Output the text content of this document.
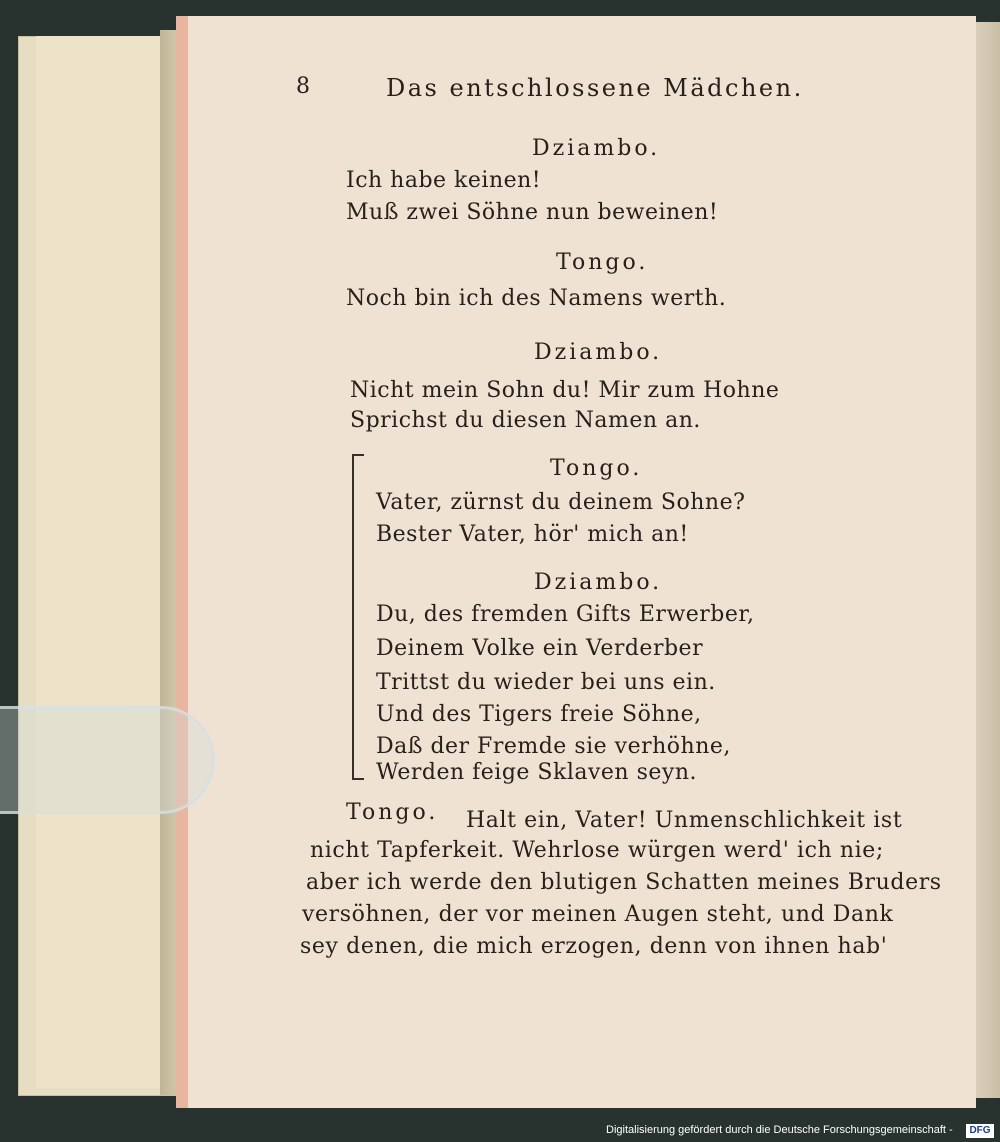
8	Das entschlossene Mädchen.
Dziambo.
Ich habe keinen!
Muß zwei Söhne nun beweinen!
Tongo.
Noch bin ich des Namens werth.
Dziambo.
Nicht mein Sohn du! Mir zum Hohne
Sprichst du diesen Namen an.
Tongo.
Vater, zürnst du deinem Sohne?
Bester Vater, hör' mich an!
Dziambo.
Du, des fremden Gifts Erwerber,
Deinem Volke ein Verderber
Trittst du wieder bei uns ein.
Und des Tigers freie Söhne,
Daß der Fremde sie verhöhne,
Werden feige Sklaven seyn.
Tongo. Halt ein, Vater! Unmenschlichkeit ist
nicht Tapferkeit. Wehrlose würgen werd' ich nie;
aber ich werde den blutigen Schatten meines Bruders
versöhnen, der vor meinen Augen steht, und Dank
sey denen, die mich erzogen, denn von ihnen hab'
Digitalisierung gefördert durch die Deutsche Forschungsgemeinschaft -	DFG
